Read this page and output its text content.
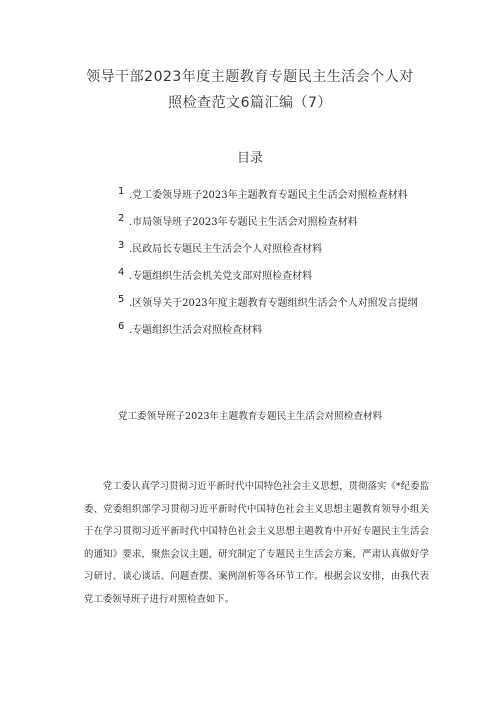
领导干部2023年度主题教育专题民主生活会个人对
照检查范文6篇汇编（7）
目录
1 .党工委领导班子2023年主题教育专题民主生活会对照检查材料
2 .市局领导班子2023年专题民主生活会对照检查材料
3 .民政局长专题民主生活会个人对照检查材料
4 .专题组织生活会机关党支部对照检查材料
5 .区领导关于2023年度主题教育专题组织生活会个人对照发言提纲
6 .专题组织生活会对照检查材料
党工委领导班子2023年主题教育专题民主生活会对照检查材料

　　党工委认真学习贯彻习近平新时代中国特色社会主义思想，贯彻落实《*纪委监委、党委组织部学习贯彻习近平新时代中国特色社会主义思想主题教育领导小组关于在学习贯彻习近平新时代中国特色社会主义思想主题教育中开好专题民主生活会的通知》要求，聚焦会议主题，研究制定了专题民主生活会方案，严肃认真做好学习研讨、谈心谈话、问题查摆、案例剖析等各环节工作。根据会议安排，由我代表党工委领导班子进行对照检查如下。
